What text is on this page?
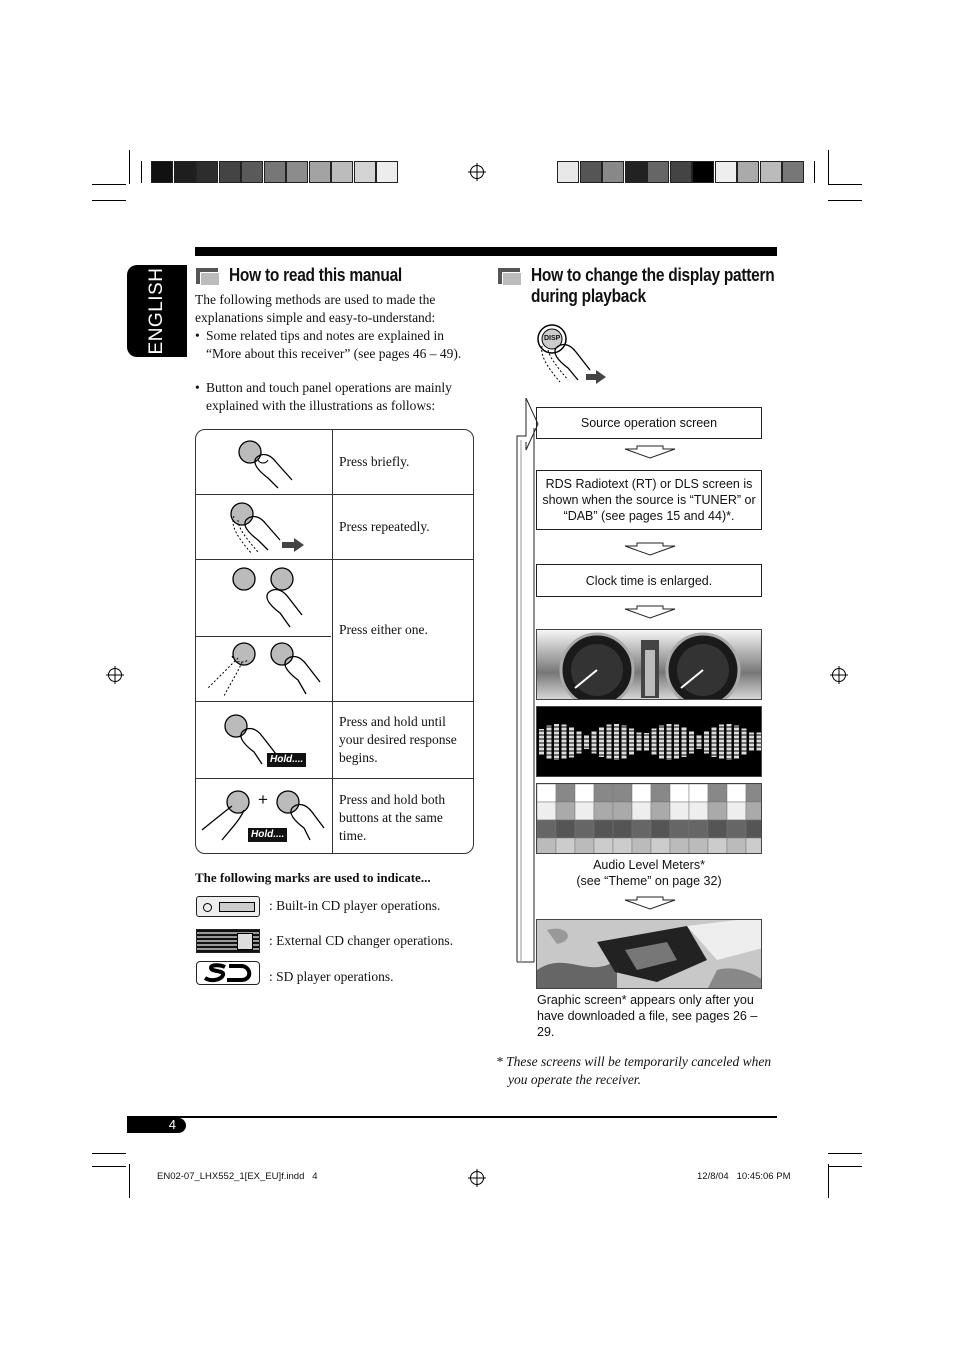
ENGLISH	How to read this manual
The following methods are used to made the explanations simple and easy-to-understand:
• Some related tips and notes are explained in “More about this receiver” (see pages 46 – 49).
• Button and touch panel operations are mainly explained with the illustrations as follows:
Press briefly.
Press repeatedly.
Press either one.
Press and hold until your desired response begins.
Press and hold both buttons at the same time.
Hold....
+
Hold....
The following marks are used to indicate...
: Built-in CD player operations.
: External CD changer operations.
: SD player operations.
How to change the display pattern
during playback
DISP
Source operation screen
RDS Radiotext (RT) or DLS screen is shown when the source is “TUNER” or “DAB” (see pages 15 and 44)*.
Clock time is enlarged.
Audio Level Meters*
(see “Theme” on page 32)
Graphic screen* appears only after you have downloaded a file, see pages 26 – 29.
* These screens will be temporarily canceled when you operate the receiver.
4
EN02-07_LHX552_1[EX_EU]f.indd   4	12/8/04   10:45:06 PM
